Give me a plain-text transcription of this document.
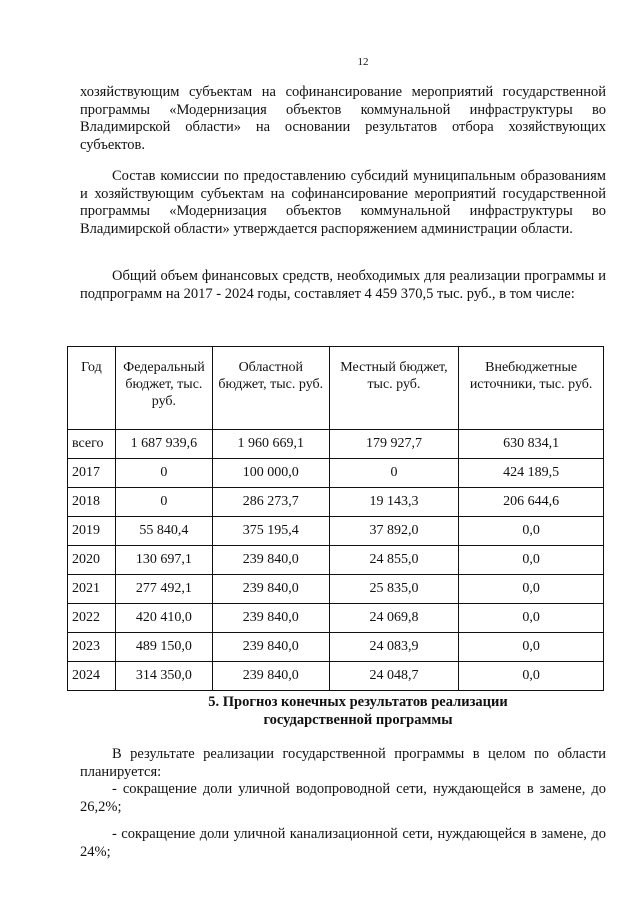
12

хозяйствующим субъектам на софинансирование мероприятий государственной программы «Модернизация объектов коммунальной инфраструктуры во Владимирской области» на основании результатов отбора хозяйствующих субъектов.

Состав комиссии по предоставлению субсидий муниципальным образованиям и хозяйствующим субъектам на софинансирование мероприятий государственной программы «Модернизация объектов коммунальной инфраструктуры во Владимирской области» утверждается распоряжением администрации области.

Общий объем финансовых средств, необходимых для реализации программы и подпрограмм на 2017 - 2024 годы, составляет 4 459 370,5 тыс. руб., в том числе:

Год	Федеральный бюджет, тыс. руб.	Областной бюджет, тыс. руб.	Местный бюджет, тыс. руб.	Внебюджетные источники, тыс. руб.
всего	1 687 939,6	1 960 669,1	179 927,7	630 834,1
2017	0	100 000,0	0	424 189,5
2018	0	286 273,7	19 143,3	206 644,6
2019	55 840,4	375 195,4	37 892,0	0,0
2020	130 697,1	239 840,0	24 855,0	0,0
2021	277 492,1	239 840,0	25 835,0	0,0
2022	420 410,0	239 840,0	24 069,8	0,0
2023	489 150,0	239 840,0	24 083,9	0,0
2024	314 350,0	239 840,0	24 048,7	0,0
5. Прогноз конечных результатов реализации
государственной программы

В результате реализации государственной программы в целом по области планируется:

- сокращение доли уличной водопроводной сети, нуждающейся в замене, до 26,2%;

- сокращение доли уличной канализационной сети, нуждающейся в замене, до 24%;
